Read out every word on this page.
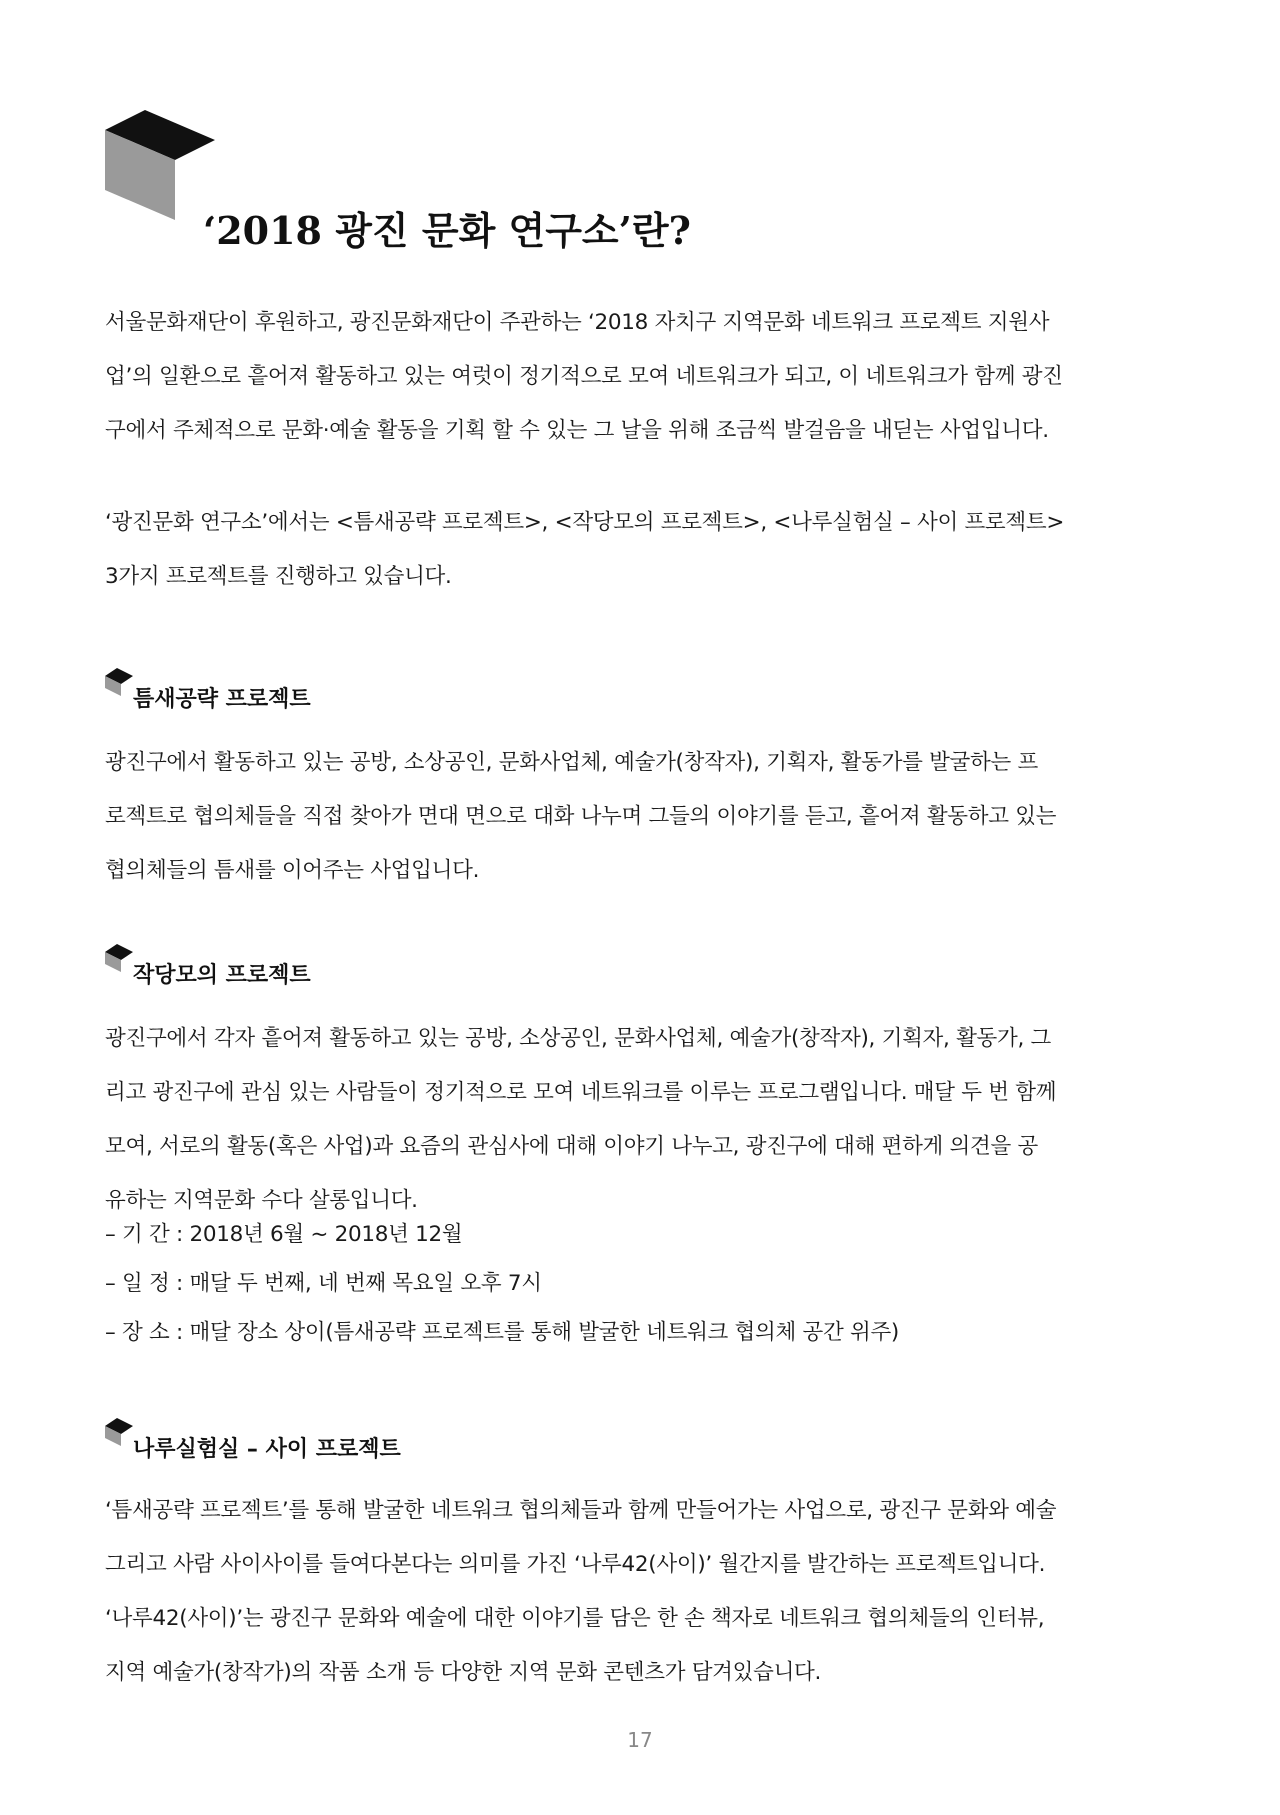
‘2018 광진 문화 연구소’란?

서울문화재단이 후원하고, 광진문화재단이 주관하는 ‘2018 자치구 지역문화 네트워크 프로젝트 지원사

업’의 일환으로 흩어져 활동하고 있는 여럿이 정기적으로 모여 네트워크가 되고, 이 네트워크가 함께 광진

구에서 주체적으로 문화·예술 활동을 기획 할 수 있는 그 날을 위해 조금씩 발걸음을 내딛는 사업입니다.

‘광진문화 연구소’에서는 <틈새공략 프로젝트>, <작당모의 프로젝트>, <나루실험실 – 사이 프로젝트>

3가지 프로젝트를 진행하고 있습니다.

틈새공략 프로젝트

광진구에서 활동하고 있는 공방, 소상공인, 문화사업체, 예술가(창작자), 기획자, 활동가를 발굴하는 프

로젝트로 협의체들을 직접 찾아가 면대 면으로 대화 나누며 그들의 이야기를 듣고, 흩어져 활동하고 있는

협의체들의 틈새를 이어주는 사업입니다.

작당모의 프로젝트

광진구에서 각자 흩어져 활동하고 있는 공방, 소상공인, 문화사업체, 예술가(창작자), 기획자, 활동가, 그

리고 광진구에 관심 있는 사람들이 정기적으로 모여 네트워크를 이루는 프로그램입니다. 매달 두 번 함께

모여, 서로의 활동(혹은 사업)과 요즘의 관심사에 대해 이야기 나누고, 광진구에 대해 편하게 의견을 공

유하는 지역문화 수다 살롱입니다.

– 기 간 : 2018년 6월 ~ 2018년 12월
– 일 정 : 매달 두 번째, 네 번째 목요일 오후 7시
– 장 소 : 매달 장소 상이(틈새공략 프로젝트를 통해 발굴한 네트워크 협의체 공간 위주)
나루실험실 – 사이 프로젝트

‘틈새공략 프로젝트’를 통해 발굴한 네트워크 협의체들과 함께 만들어가는 사업으로, 광진구 문화와 예술

그리고 사람 사이사이를 들여다본다는 의미를 가진 ‘나루42(사이)’ 월간지를 발간하는 프로젝트입니다.

‘나루42(사이)’는 광진구 문화와 예술에 대한 이야기를 담은 한 손 책자로 네트워크 협의체들의 인터뷰,

지역 예술가(창작가)의 작품 소개 등 다양한 지역 문화 콘텐츠가 담겨있습니다.

17
